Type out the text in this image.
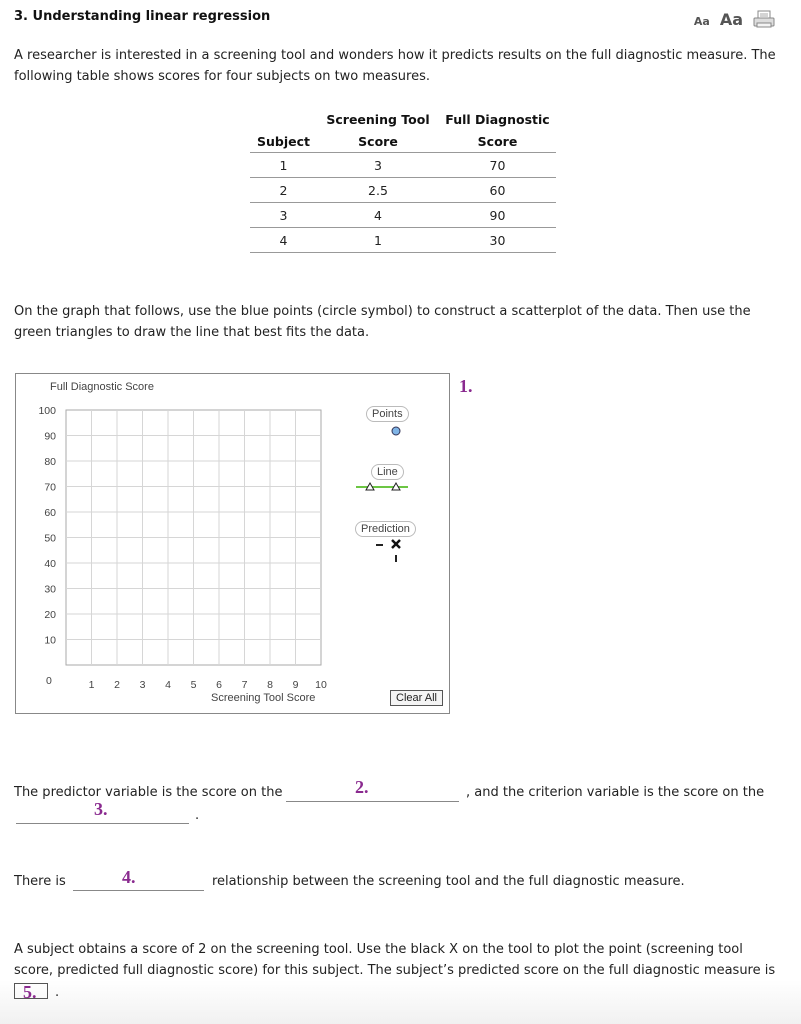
3. Understanding linear regression	Aa Aa
A researcher is interested in a screening tool and wonders how it predicts results on the full diagnostic measure. The
following table shows scores for four subjects on two measures.
	Screening Tool	Full Diagnostic
Subject	Score	Score
1	3	70
2	2.5	60
3	4	90
4	1	30
On the graph that follows, use the blue points (circle symbol) to construct a scatterplot of the data. Then use the
green triangles to draw the line that best fits the data.
Full Diagnostic Score
100
90
80
70
60
50
40
30
20
10
1 2 3 4 5 6 7 8 9 10
0
Screening Tool Score
Points
Line
Prediction
Clear All
1.
The predictor variable is the score on the	2.	, and the criterion variable is the score on the
3.	.
There is	4.	relationship between the screening tool and the full diagnostic measure.
A subject obtains a score of 2 on the screening tool. Use the black X on the tool to plot the point (screening tool
score, predicted full diagnostic score) for this subject. The subject’s predicted score on the full diagnostic measure is
5.	.
